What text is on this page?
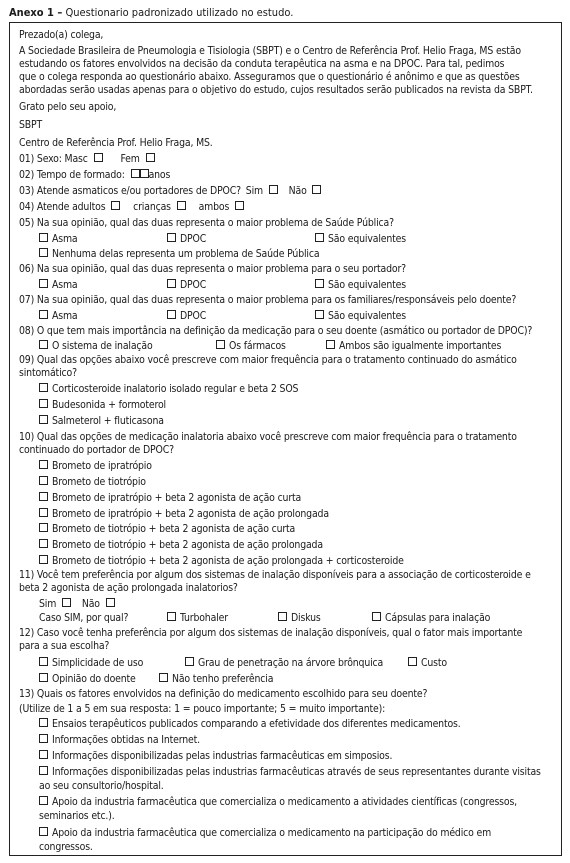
Anexo 1 – Questionario padronizado utilizado no estudo.
Prezado(a) colega,
A Sociedade Brasileira de Pneumologia e Tisiologia (SBPT) e o Centro de Referência Prof. Helio Fraga, MS estão
estudando os fatores envolvidos na decisão da conduta terapêutica na asma e na DPOC. Para tal, pedimos
que o colega responda ao questionário abaixo. Asseguramos que o questionário é anônimo e que as questões
abordadas serão usadas apenas para o objetivo do estudo, cujos resultados serão publicados na revista da SBPT.
Grato pelo seu apoio,
SBPT
Centro de Referência Prof. Helio Fraga, MS.
01) Sexo: Masc	Fem
02) Tempo de formado: anos
03) Atende asmaticos e/ou portadores de DPOC? Sim Não
04) Atende adultos	crianças	ambos
05) Na sua opinião, qual das duas representa o maior problema de Saúde Pública?
Asma	DPOC	São equivalentes
Nenhuma delas representa um problema de Saúde Pública
06) Na sua opinião, qual das duas representa o maior problema para o seu portador?
Asma	DPOC	São equivalentes
07) Na sua opinião, qual das duas representa o maior problema para os familiares/responsáveis pelo doente?
Asma	DPOC	São equivalentes
08) O que tem mais importância na definição da medicação para o seu doente (asmático ou portador de DPOC)?
O sistema de inalação	Os fármacos	Ambos são igualmente importantes
09) Qual das opções abaixo você prescreve com maior frequência para o tratamento continuado do asmático
sintomático?
Corticosteroide inalatorio isolado regular e beta 2 SOS
Budesonida + formoterol
Salmeterol + fluticasona
10) Qual das opções de medicação inalatoria abaixo você prescreve com maior frequência para o tratamento
continuado do portador de DPOC?
Brometo de ipratrópio
Brometo de tiotrópio
Brometo de ipratrópio + beta 2 agonista de ação curta
Brometo de ipratrópio + beta 2 agonista de ação prolongada
Brometo de tiotrópio + beta 2 agonista de ação curta
Brometo de tiotrópio + beta 2 agonista de ação prolongada
Brometo de tiotrópio + beta 2 agonista de ação prolongada + corticosteroide
11) Você tem preferência por algum dos sistemas de inalação disponíveis para a associação de corticosteroide e
beta 2 agonista de ação prolongada inalatorios?
Sim Não
Caso SIM, por qual?	Turbohaler	Diskus	Cápsulas para inalação
12) Caso você tenha preferência por algum dos sistemas de inalação disponíveis, qual o fator mais importante
para a sua escolha?
Simplicidade de uso	Grau de penetração na árvore brônquica	Custo
Opinião do doente	Não tenho preferência
13) Quais os fatores envolvidos na definição do medicamento escolhido para seu doente?
(Utilize de 1 a 5 em sua resposta: 1 = pouco importante; 5 = muito importante):
Ensaios terapêuticos publicados comparando a efetividade dos diferentes medicamentos.
Informações obtidas na Internet.
Informações disponibilizadas pelas industrias farmacêuticas em simposios.
Informações disponibilizadas pelas industrias farmacêuticas através de seus representantes durante visitas
ao seu consultorio/hospital.
Apoio da industria farmacêutica que comercializa o medicamento a atividades científicas (congressos,
seminarios etc.).
Apoio da industria farmacêutica que comercializa o medicamento na participação do médico em
congressos.
